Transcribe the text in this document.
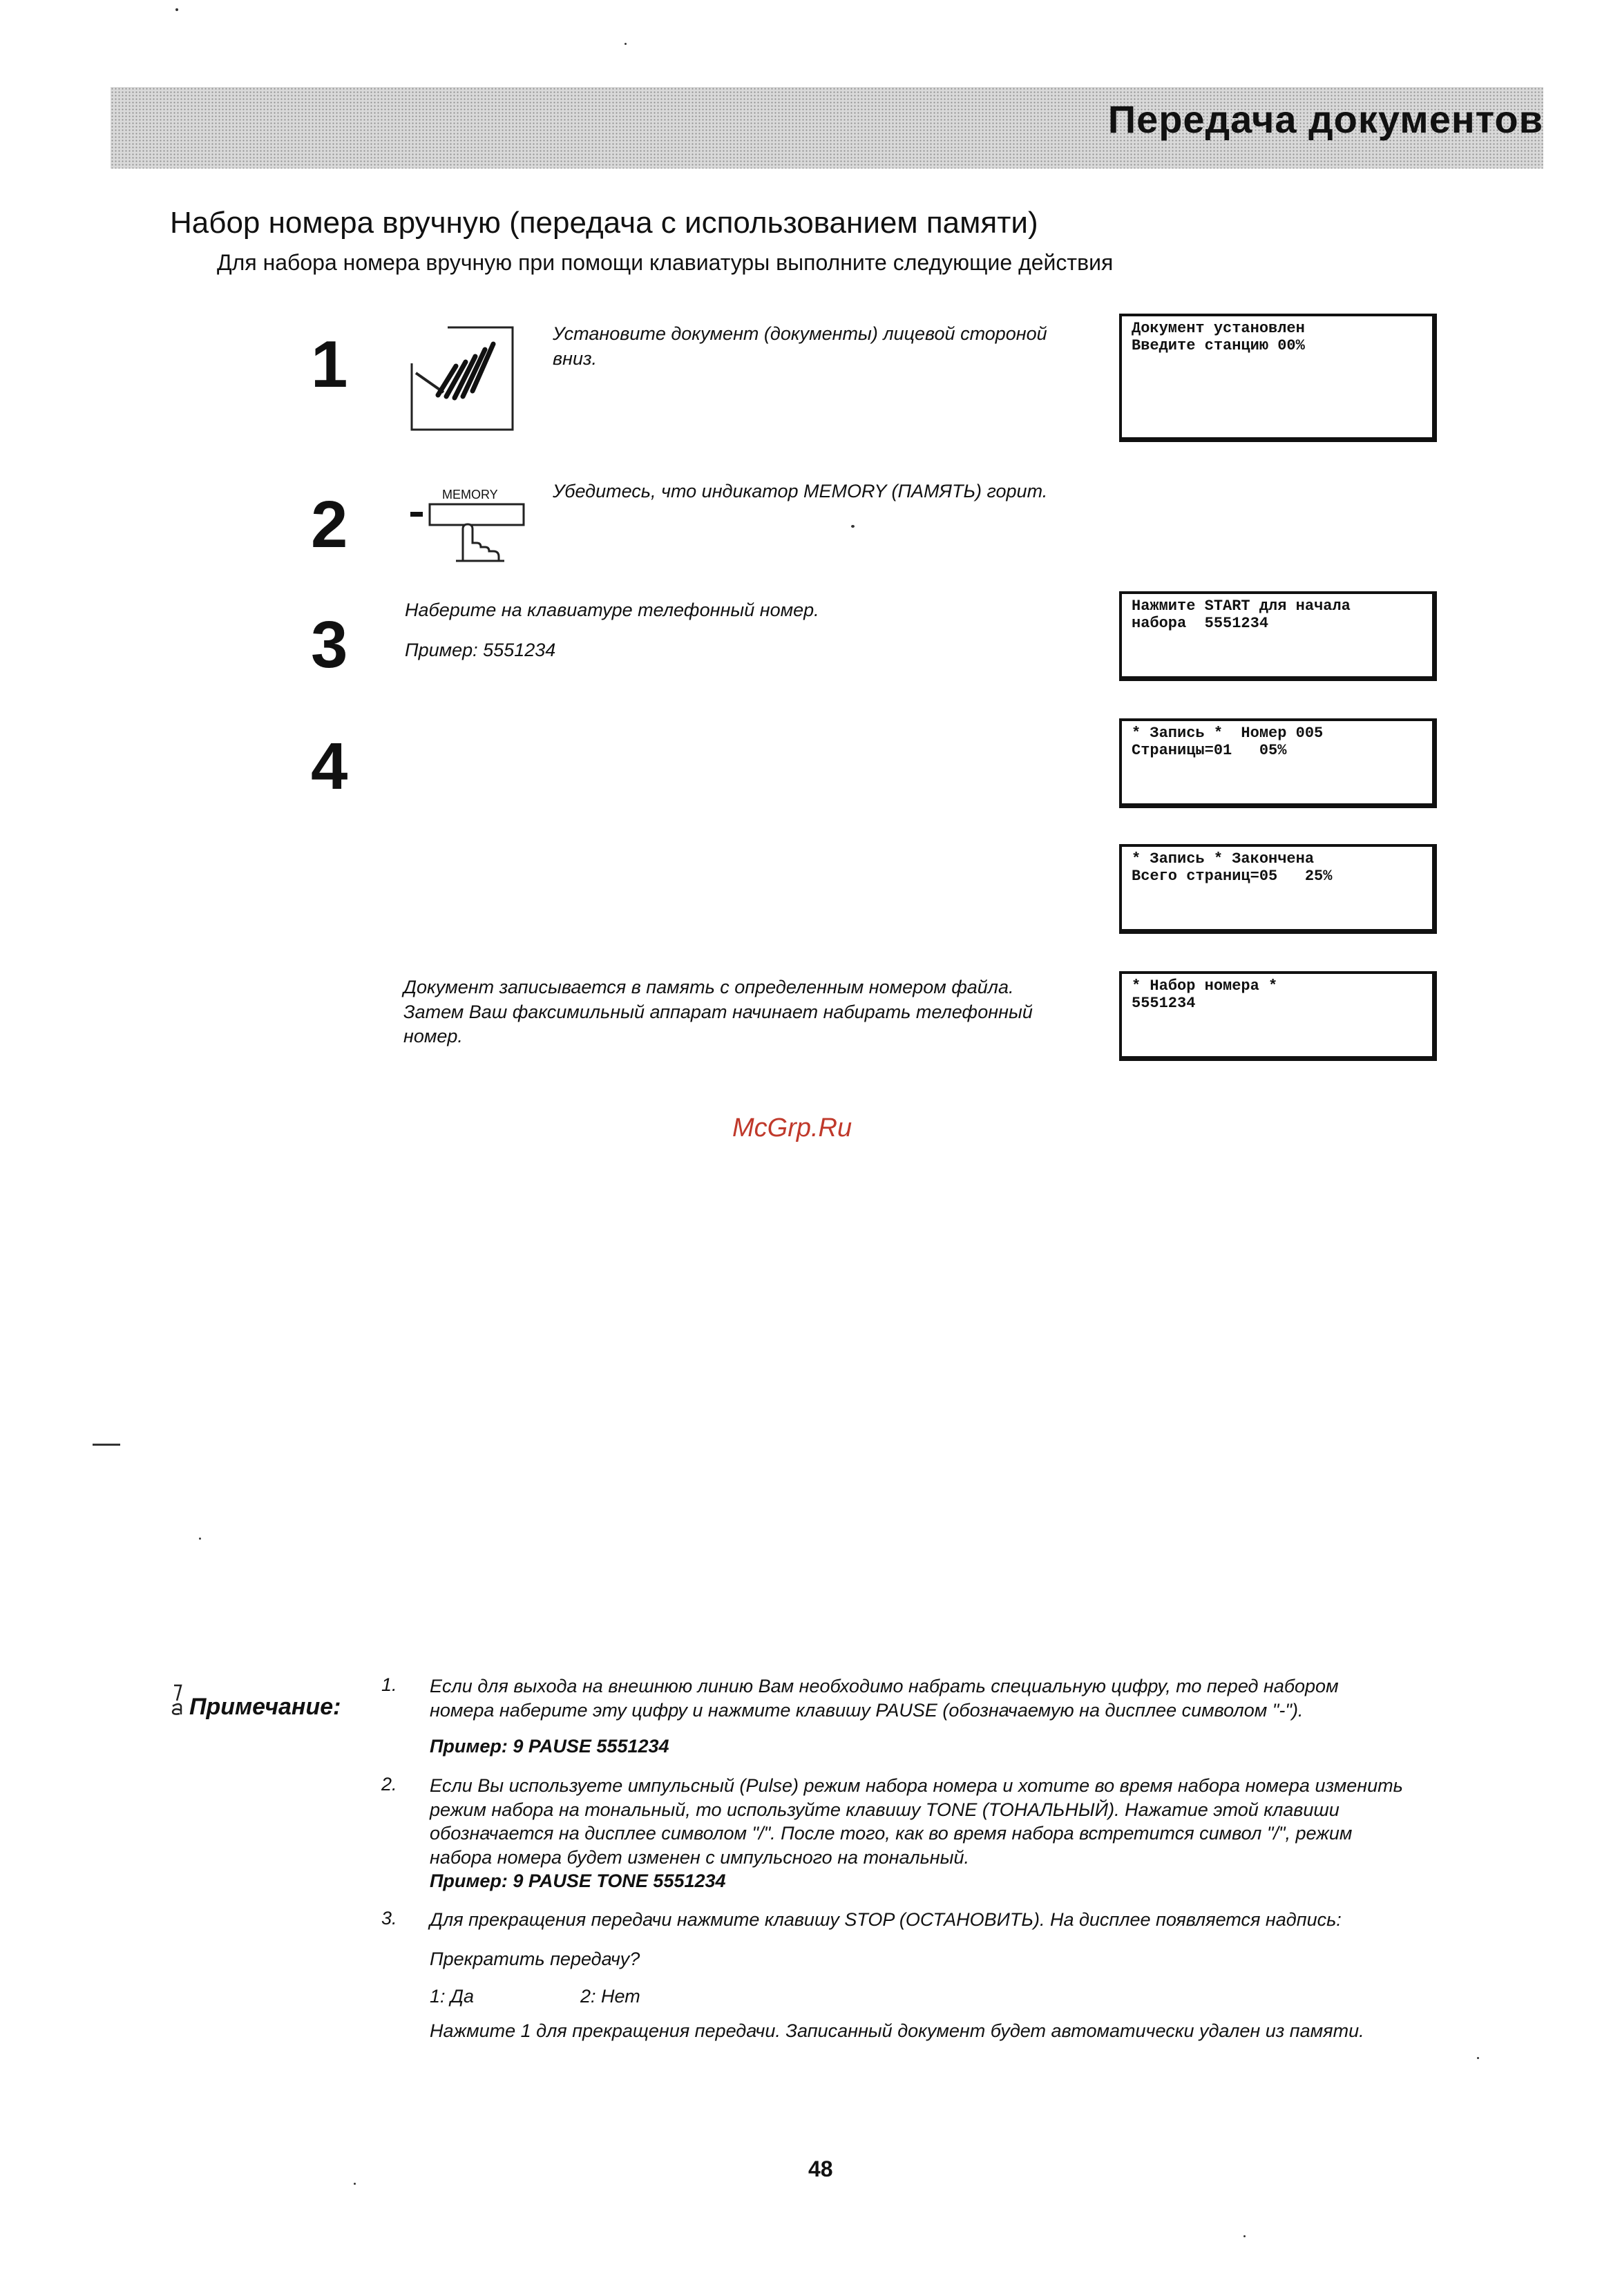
Передача документов
Набор номера вручную (передача с использованием памяти)
Для набора номера вручную при помощи клавиатуры выполните следующие действия
1	Установите документ (документы) лицевой стороной
вниз.
Документ установлен
Введите станцию 00%
2	MEMORY	Убедитесь, что индикатор MEMORY (ПАМЯТЬ) горит.
3	Наберите на клавиатуре телефонный номер.
Пример: 5551234
Нажмите START для начала
набора  5551234
4	* Запись *  Номер 005
Страницы=01   05%
* Запись * Закончена
Всего страниц=05   25%
Документ записывается в память с определенным номером файла.
Затем Ваш факсимильный аппарат начинает набирать телефонный
номер.
* Набор номера *
5551234
McGrp.Ru
Примечание:
1. Если для выхода на внешнюю линию Вам необходимо набрать специальную цифру, то перед набором
номера наберите эту цифру и нажмите клавишу PAUSE (обозначаемую на дисплее символом "-").
Пример: 9 PAUSE 5551234
2. Если Вы используете импульсный (Pulse) режим набора номера и хотите во время набора номера изменить
режим набора на тональный, то используйте клавишу TONE (ТОНАЛЬНЫЙ). Нажатие этой клавиши
обозначается на дисплее символом "/". После того, как во время набора встретится символ "/", режим
набора номера будет изменен с импульсного на тональный.
Пример: 9 PAUSE TONE 5551234
3. Для прекращения передачи нажмите клавишу STOP (ОСТАНОВИТЬ). На дисплее появляется надпись:
Прекратить передачу?
1: Да	2: Нет
Нажмите 1 для прекращения передачи. Записанный документ будет автоматически удален из памяти.
48
